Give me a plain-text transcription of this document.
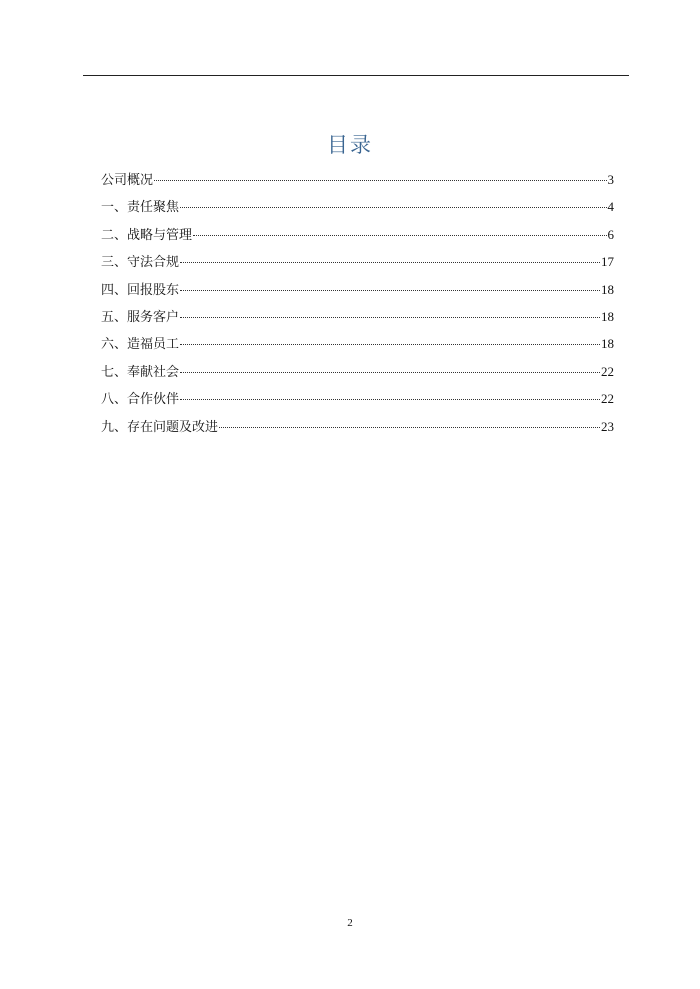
目录
公司概况	3
一、责任聚焦	4
二、战略与管理	6
三、守法合规	17
四、回报股东	18
五、服务客户	18
六、造福员工	18
七、奉献社会	22
八、合作伙伴	22
九、存在问题及改进	23
2
